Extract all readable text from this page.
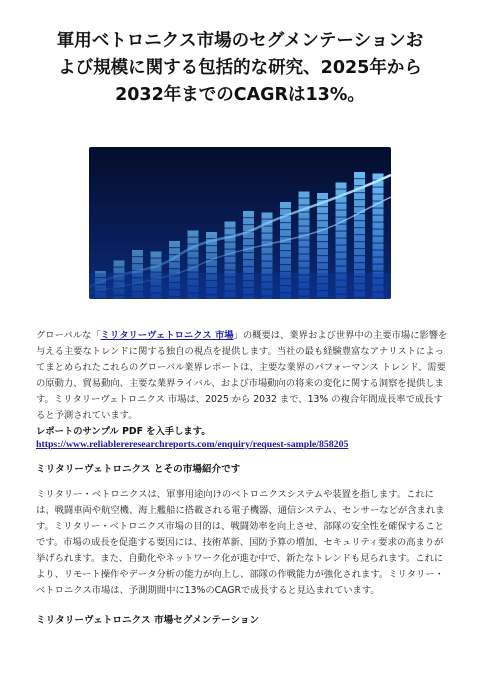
軍用ベトロニクス市場のセグメンテーションお
よび規模に関する包括的な研究、2025年から
2032年までのCAGRは13%。
グローバルな「ミリタリーヴェトロニクス 市場」の概要は、業界および世界中の主要市場に影響を与える主要なトレンドに関する独自の視点を提供します。当社の最も経験豊富なアナリストによってまとめられたこれらのグローバル業界レポートは、主要な業界のパフォーマンス トレンド、需要の原動力、貿易動向、主要な業界ライバル、および市場動向の将来の変化に関する洞察を提供します。ミリタリーヴェトロニクス 市場は、2025 から 2032 まで、13% の複合年間成長率で成長すると予測されています。
レポートのサンプル PDF を入手します。
https://www.reliablereresearchreports.com/enquiry/request-sample/858205
ミリタリーヴェトロニクス とその市場紹介です
ミリタリー・ベトロニクスは、軍事用途向けのベトロニクスシステムや装置を指します。これには、戦闘車両や航空機、海上艦船に搭載される電子機器、通信システム、センサーなどが含まれます。ミリタリー・ベトロニクス市場の目的は、戦闘効率を向上させ、部隊の安全性を確保することです。市場の成長を促進する要因には、技術革新、国防予算の増加、セキュリティ要求の高まりが挙げられます。また、自動化やネットワーク化が進む中で、新たなトレンドも見られます。これにより、リモート操作やデータ分析の能力が向上し、部隊の作戦能力が強化されます。ミリタリー・ベトロニクス市場は、予測期間中に13%のCAGRで成長すると見込まれています。
ミリタリーヴェトロニクス 市場セグメンテーション
